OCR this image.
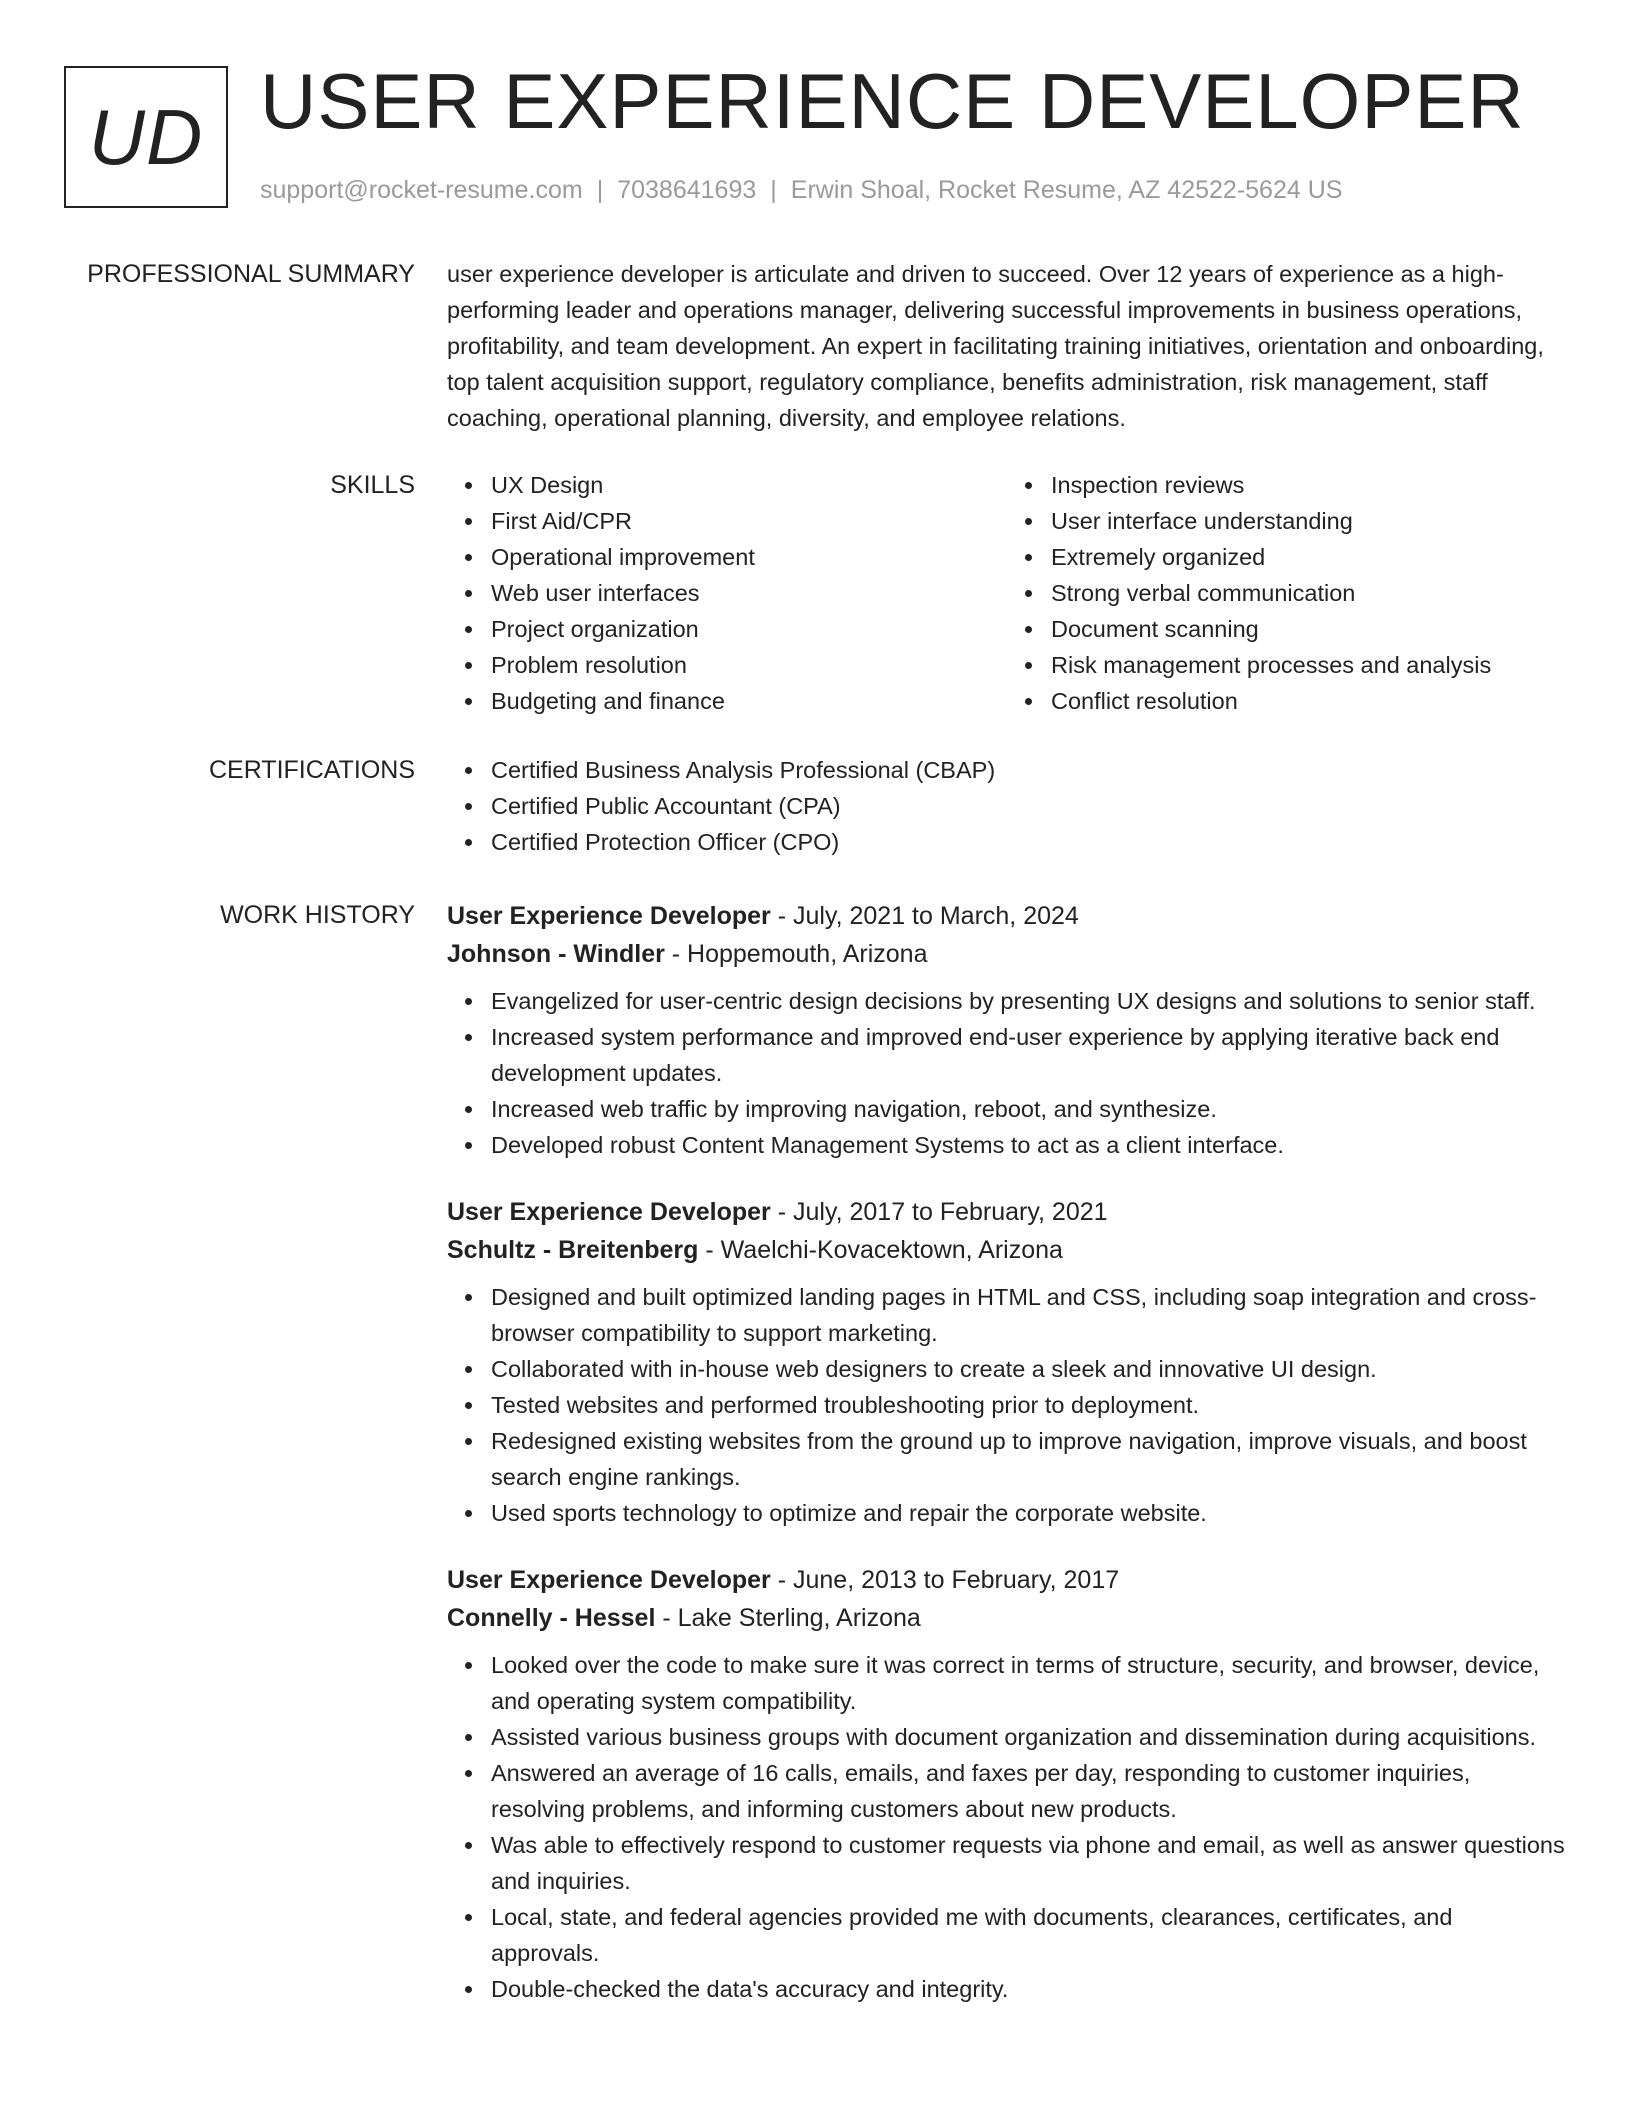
UD USER EXPERIENCE DEVELOPER
support@rocket-resume.com | 7038641693 | Erwin Shoal, Rocket Resume, AZ 42522-5624 US
PROFESSIONAL SUMMARY user experience developer is articulate and driven to succeed. Over 12 years of experience as a high-performing leader and operations manager, delivering successful improvements in business operations, profitability, and team development. An expert in facilitating training initiatives, orientation and onboarding, top talent acquisition support, regulatory compliance, benefits administration, risk management, staff coaching, operational planning, diversity, and employee relations.

SKILLS	UX Design
First Aid/CPR
Operational improvement
Web user interfaces
Project organization
Problem resolution
Budgeting and finance
Inspection reviews
User interface understanding
Extremely organized
Strong verbal communication
Document scanning
Risk management processes and analysis
Conflict resolution
CERTIFICATIONS	Certified Business Analysis Professional (CBAP)
Certified Public Accountant (CPA)
Certified Protection Officer (CPO)
WORK HISTORY User Experience Developer - July, 2021 to March, 2024
Johnson - Windler - Hoppemouth, Arizona
Evangelized for user-centric design decisions by presenting UX designs and solutions to senior staff.
Increased system performance and improved end-user experience by applying iterative back end development updates.
Increased web traffic by improving navigation, reboot, and synthesize.
Developed robust Content Management Systems to act as a client interface.
User Experience Developer - July, 2017 to February, 2021
Schultz - Breitenberg - Waelchi-Kovacektown, Arizona
Designed and built optimized landing pages in HTML and CSS, including soap integration and cross-browser compatibility to support marketing.
Collaborated with in-house web designers to create a sleek and innovative UI design.
Tested websites and performed troubleshooting prior to deployment.
Redesigned existing websites from the ground up to improve navigation, improve visuals, and boost search engine rankings.
Used sports technology to optimize and repair the corporate website.
User Experience Developer - June, 2013 to February, 2017
Connelly - Hessel - Lake Sterling, Arizona
Looked over the code to make sure it was correct in terms of structure, security, and browser, device, and operating system compatibility.
Assisted various business groups with document organization and dissemination during acquisitions.
Answered an average of 16 calls, emails, and faxes per day, responding to customer inquiries, resolving problems, and informing customers about new products.
Was able to effectively respond to customer requests via phone and email, as well as answer questions and inquiries.
Local, state, and federal agencies provided me with documents, clearances, certificates, and approvals.
Double-checked the data's accuracy and integrity.
